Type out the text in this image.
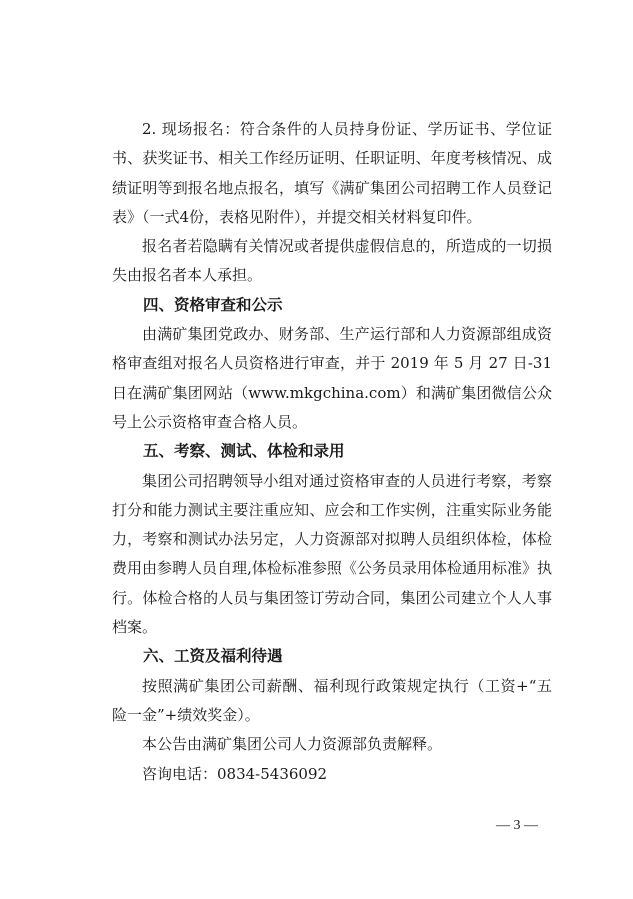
2. 现场报名：符合条件的人员持身份证、学历证书、学位证书、获奖证书、相关工作经历证明、任职证明、年度考核情况、成绩证明等到报名地点报名，填写《满矿集团公司招聘工作人员登记表》（一式4份，表格见附件），并提交相关材料复印件。

报名者若隐瞒有关情况或者提供虚假信息的，所造成的一切损失由报名者本人承担。

四、资格审查和公示

由满矿集团党政办、财务部、生产运行部和人力资源部组成资格审查组对报名人员资格进行审查，并于 2019 年 5 月 27 日-31日在满矿集团网站（www.mkgchina.com）和满矿集团微信公众号上公示资格审查合格人员。

五、考察、测试、体检和录用

集团公司招聘领导小组对通过资格审查的人员进行考察，考察打分和能力测试主要注重应知、应会和工作实例，注重实际业务能力，考察和测试办法另定，人力资源部对拟聘人员组织体检，体检费用由参聘人员自理,体检标准参照《公务员录用体检通用标准》执行。体检合格的人员与集团签订劳动合同，集团公司建立个人人事档案。

六、工资及福利待遇

按照满矿集团公司薪酬、福利现行政策规定执行（工资+“五险一金”+绩效奖金）。

本公告由满矿集团公司人力资源部负责解释。

咨询电话：0834-5436092

— 3 —
